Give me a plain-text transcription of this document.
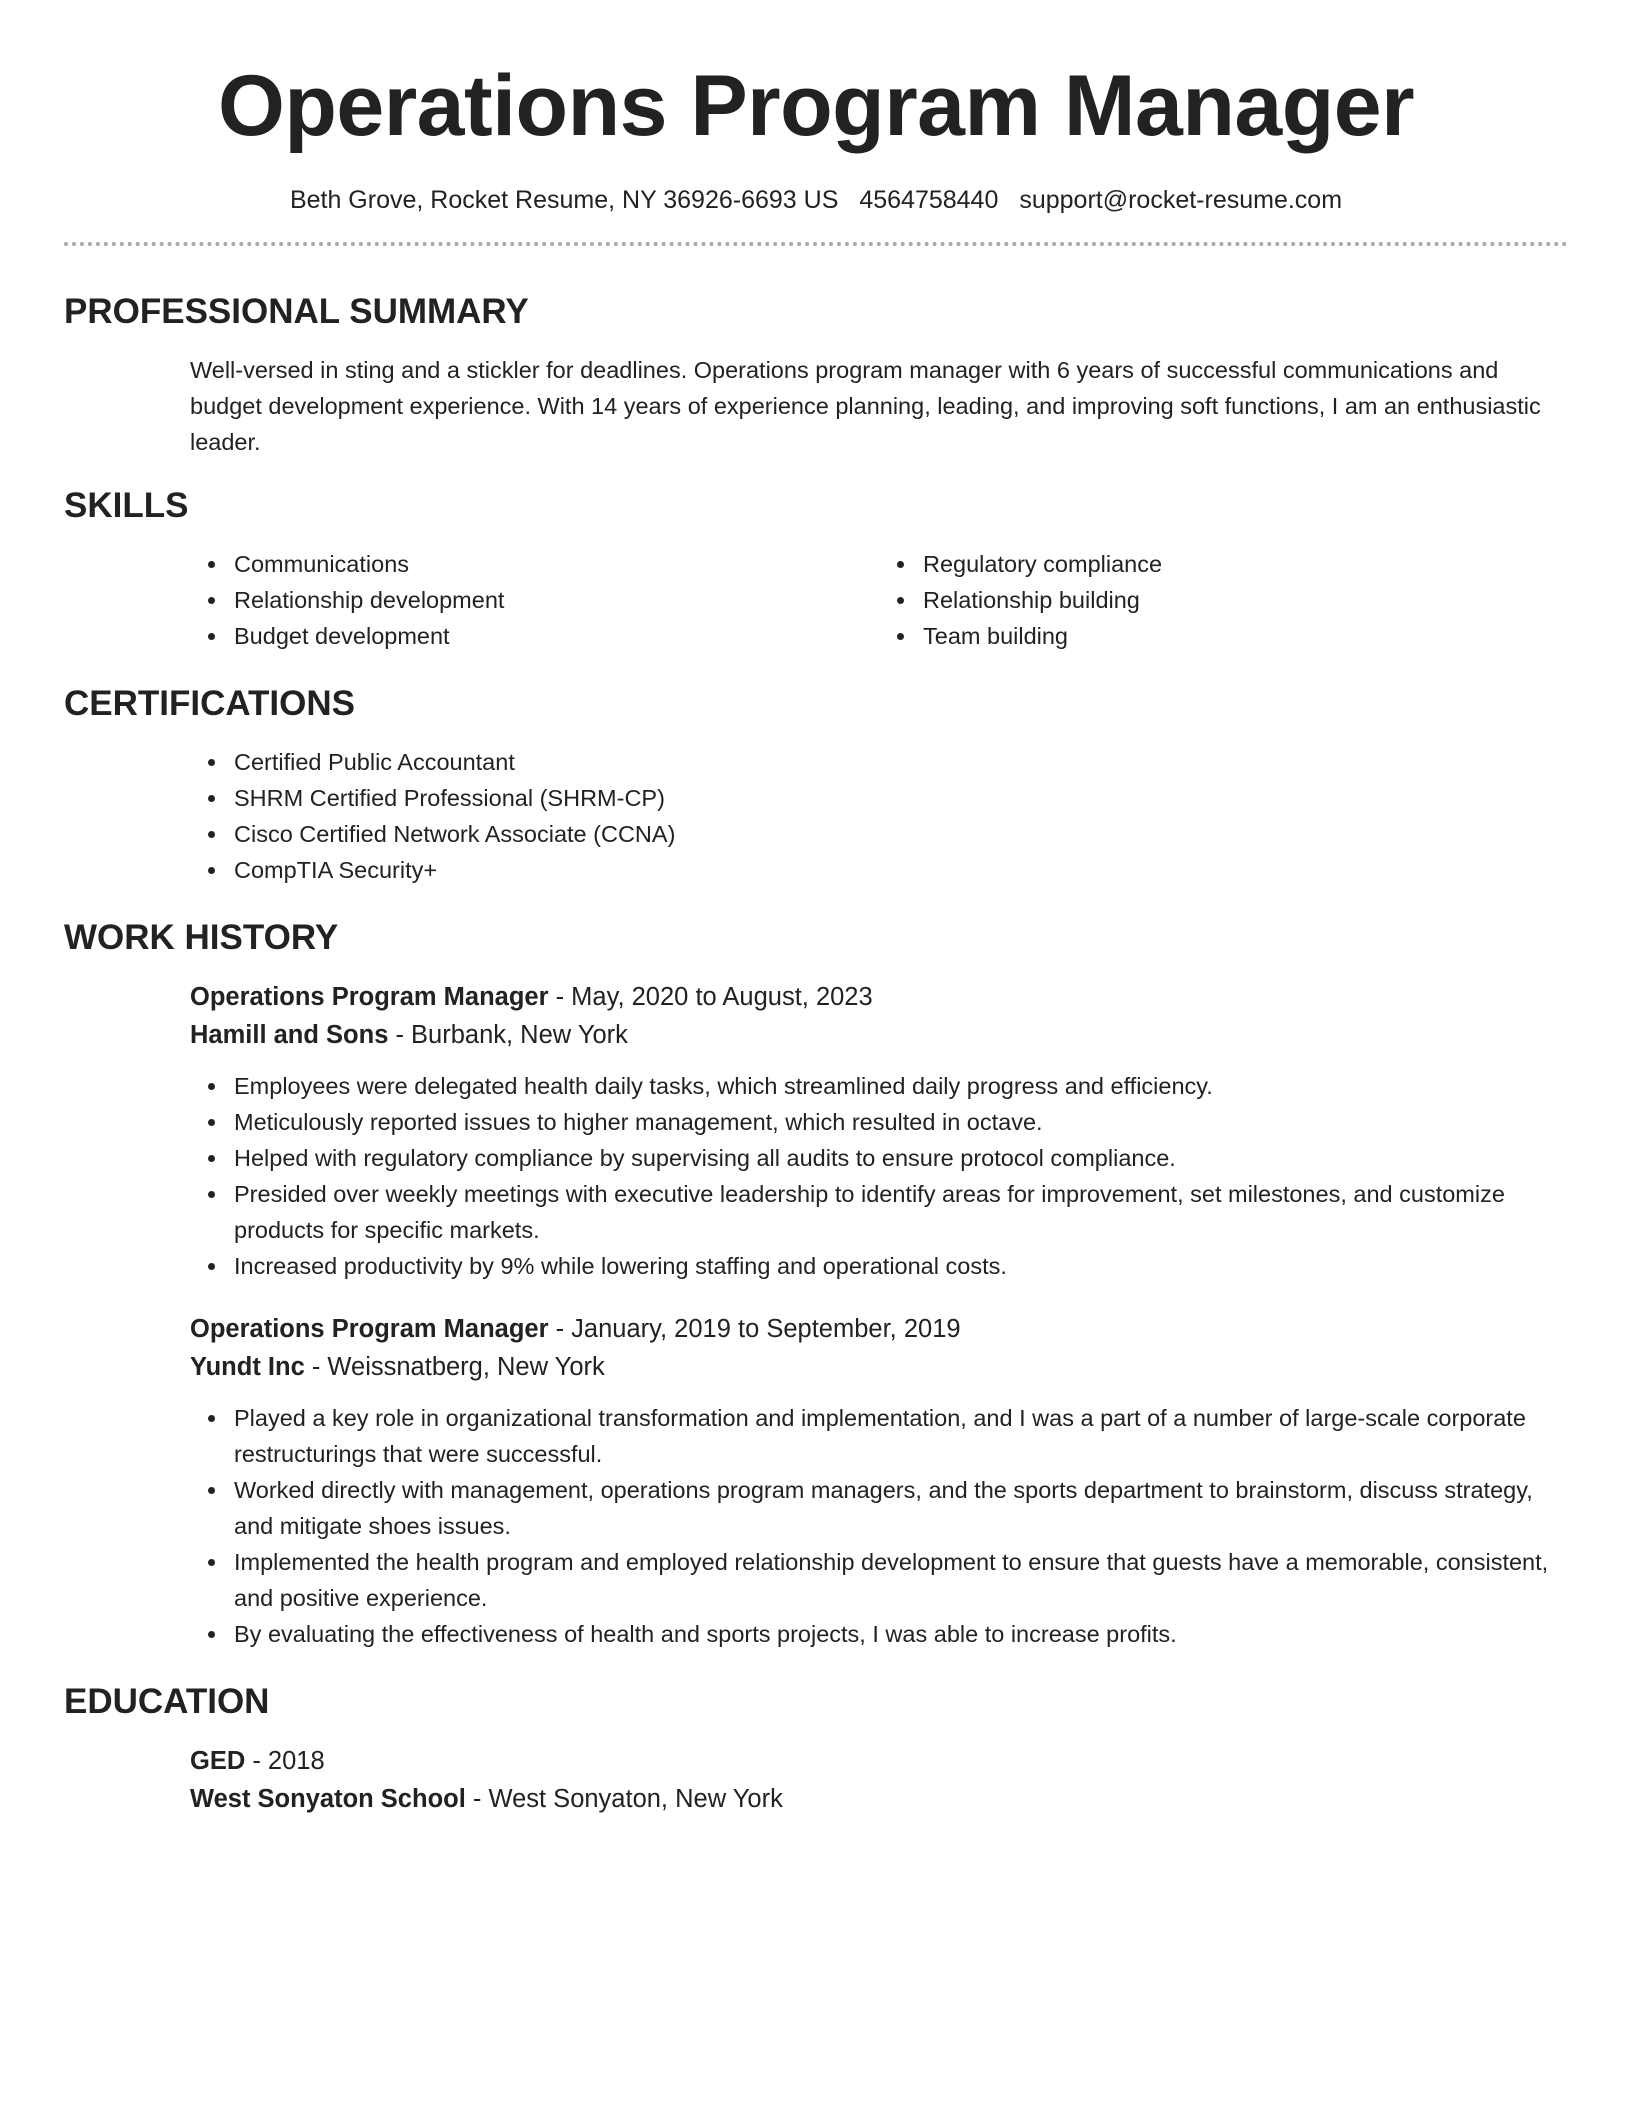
Operations Program Manager
Beth Grove, Rocket Resume, NY 36926-6693 US 4564758440 support@rocket-resume.com
PROFESSIONAL SUMMARY

Well-versed in sting and a stickler for deadlines. Operations program manager with 6 years of successful communications and budget development experience. With 14 years of experience planning, leading, and improving soft functions, I am an enthusiastic leader.

SKILLS
Communications
Relationship development
Budget development
Regulatory compliance
Relationship building
Team building
CERTIFICATIONS
Certified Public Accountant
SHRM Certified Professional (SHRM-CP)
Cisco Certified Network Associate (CCNA)
CompTIA Security+
WORK HISTORY
Operations Program Manager - May, 2020 to August, 2023
Hamill and Sons - Burbank, New York
Employees were delegated health daily tasks, which streamlined daily progress and efficiency.
Meticulously reported issues to higher management, which resulted in octave.
Helped with regulatory compliance by supervising all audits to ensure protocol compliance.
Presided over weekly meetings with executive leadership to identify areas for improvement, set milestones, and customize products for specific markets.
Increased productivity by 9% while lowering staffing and operational costs.
Operations Program Manager - January, 2019 to September, 2019
Yundt Inc - Weissnatberg, New York
Played a key role in organizational transformation and implementation, and I was a part of a number of large-scale corporate restructurings that were successful.
Worked directly with management, operations program managers, and the sports department to brainstorm, discuss strategy, and mitigate shoes issues.
Implemented the health program and employed relationship development to ensure that guests have a memorable, consistent, and positive experience.
By evaluating the effectiveness of health and sports projects, I was able to increase profits.
EDUCATION
GED - 2018
West Sonyaton School - West Sonyaton, New York
